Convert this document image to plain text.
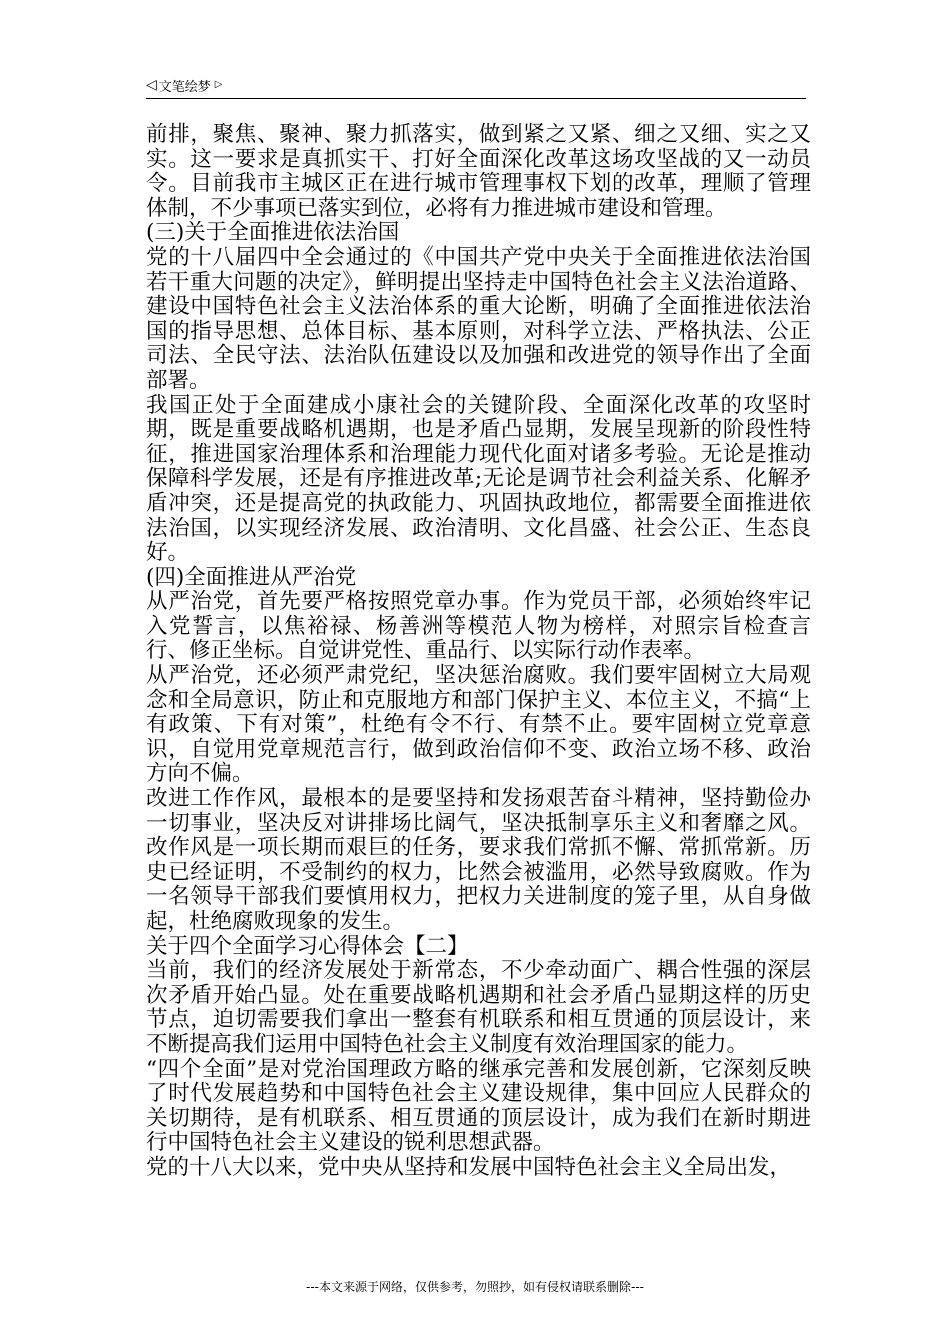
◁ 文笔绘梦 ▷

前排，聚焦、聚神、聚力抓落实，做到紧之又紧、细之又细、实之又实。这一要求是真抓实干、打好全面深化改革这场攻坚战的又一动员令。目前我市主城区正在进行城市管理事权下划的改革，理顺了管理体制，不少事项已落实到位，必将有力推进城市建设和管理。

(三)关于全面推进依法治国

党的十八届四中全会通过的《中国共产党中央关于全面推进依法治国若干重大问题的决定》，鲜明提出坚持走中国特色社会主义法治道路、建设中国特色社会主义法治体系的重大论断，明确了全面推进依法治国的指导思想、总体目标、基本原则，对科学立法、严格执法、公正司法、全民守法、法治队伍建设以及加强和改进党的领导作出了全面部署。

我国正处于全面建成小康社会的关键阶段、全面深化改革的攻坚时期，既是重要战略机遇期，也是矛盾凸显期，发展呈现新的阶段性特征，推进国家治理体系和治理能力现代化面对诸多考验。无论是推动保障科学发展，还是有序推进改革;无论是调节社会利益关系、化解矛盾冲突，还是提高党的执政能力、巩固执政地位，都需要全面推进依法治国，以实现经济发展、政治清明、文化昌盛、社会公正、生态良好。

(四)全面推进从严治党

从严治党，首先要严格按照党章办事。作为党员干部，必须始终牢记入党誓言，以焦裕禄、杨善洲等模范人物为榜样，对照宗旨检查言行、修正坐标。自觉讲党性、重品行、以实际行动作表率。

从严治党，还必须严肃党纪，坚决惩治腐败。我们要牢固树立大局观念和全局意识，防止和克服地方和部门保护主义、本位主义，不搞“上有政策、下有对策”，杜绝有令不行、有禁不止。要牢固树立党章意识，自觉用党章规范言行，做到政治信仰不变、政治立场不移、政治方向不偏。

改进工作作风，最根本的是要坚持和发扬艰苦奋斗精神，坚持勤俭办一切事业，坚决反对讲排场比阔气，坚决抵制享乐主义和奢靡之风。改作风是一项长期而艰巨的任务，要求我们常抓不懈、常抓常新。历史已经证明，不受制约的权力，比然会被滥用，必然导致腐败。作为一名领导干部我们要慎用权力，把权力关进制度的笼子里，从自身做起，杜绝腐败现象的发生。

关于四个全面学习心得体会【二】

当前，我们的经济发展处于新常态，不少牵动面广、耦合性强的深层次矛盾开始凸显。处在重要战略机遇期和社会矛盾凸显期这样的历史节点，迫切需要我们拿出一整套有机联系和相互贯通的顶层设计，来不断提高我们运用中国特色社会主义制度有效治理国家的能力。

“四个全面”是对党治国理政方略的继承完善和发展创新，它深刻反映了时代发展趋势和中国特色社会主义建设规律，集中回应人民群众的关切期待，是有机联系、相互贯通的顶层设计，成为我们在新时期进行中国特色社会主义建设的锐利思想武器。

党的十八大以来，党中央从坚持和发展中国特色社会主义全局出发，

---本文来源于网络，仅供参考，勿照抄，如有侵权请联系删除---
